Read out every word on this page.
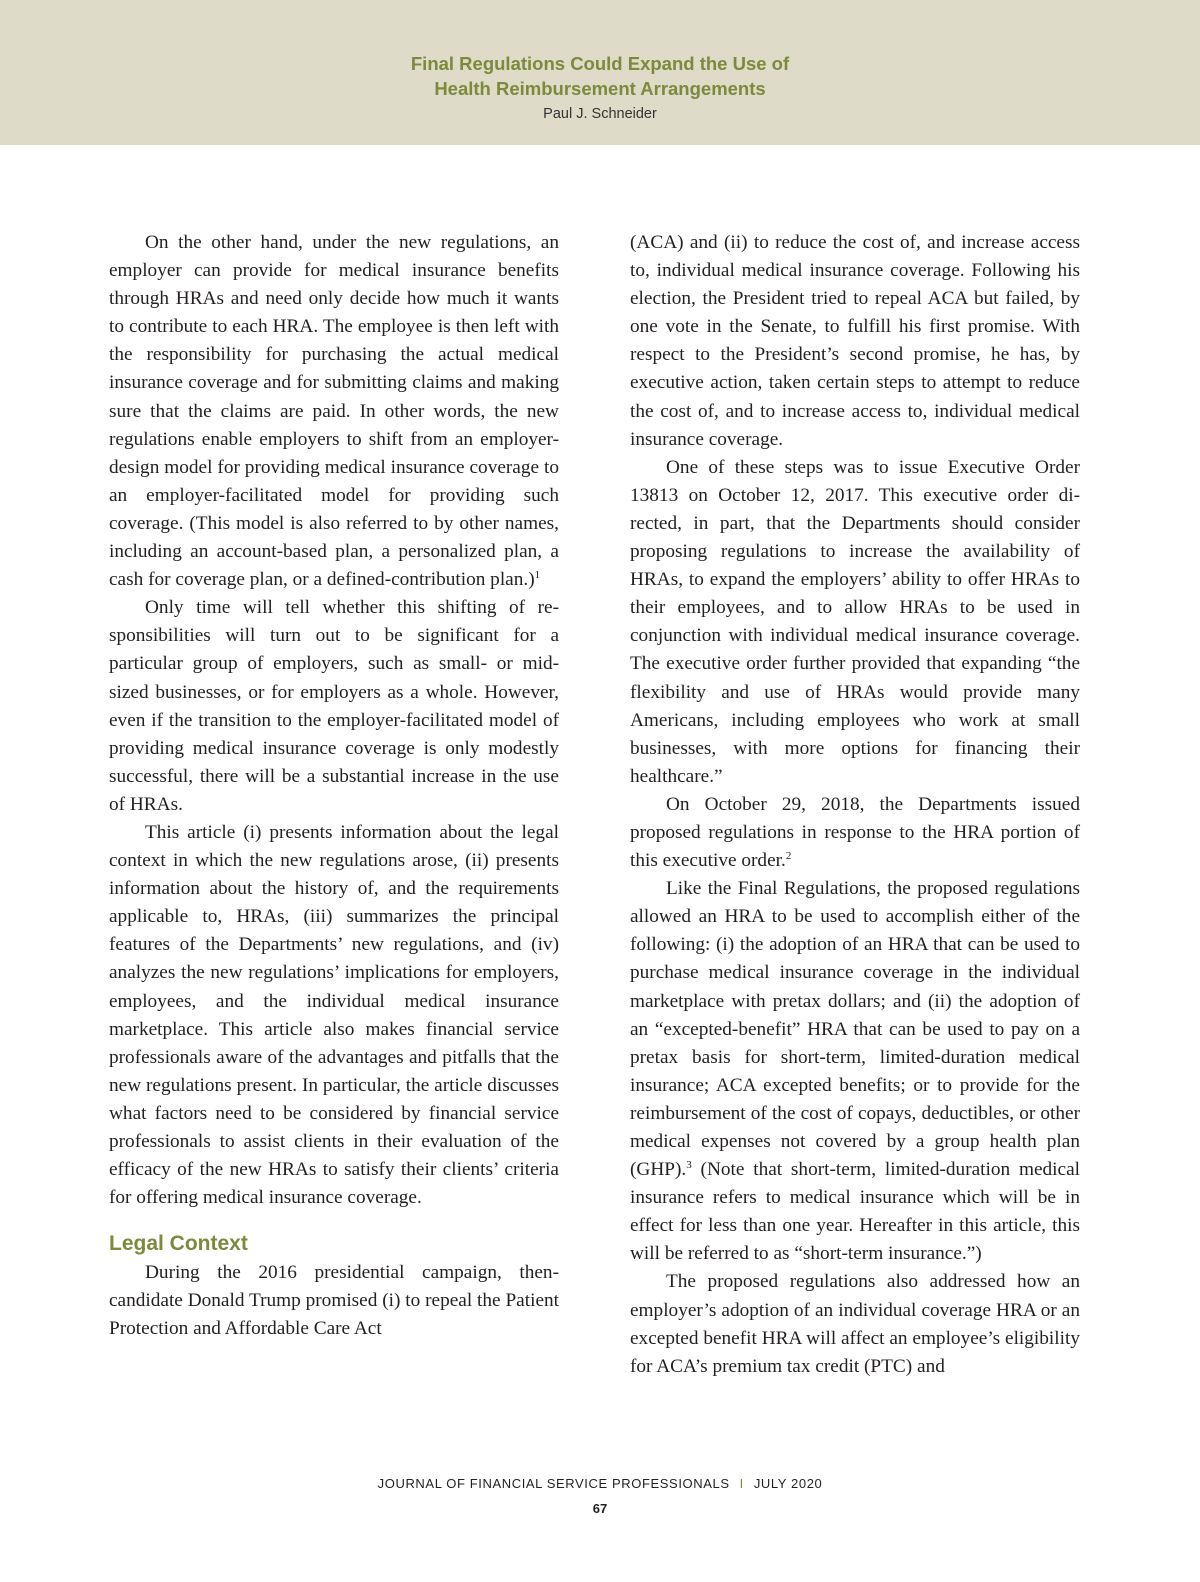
Final Regulations Could Expand the Use of
Health Reimbursement Arrangements

Paul J. Schneider

On the other hand, under the new regulations, an employer can provide for medical insurance benefits through HRAs and need only decide how much it wants to contribute to each HRA. The employee is then left with the responsibility for purchasing the actual medical insurance coverage and for submitting claims and making sure that the claims are paid. In other words, the new regulations enable employers to shift from an employer-design model for providing medical insurance coverage to an employer-facilitated model for providing such coverage. (This model is also referred to by other names, including an account-based plan, a personalized plan, a cash for coverage plan, or a defined-contribution plan.)$^1$

Only time will tell whether this shifting of responsibilities will turn out to be significant for a particular group of employers, such as small- or mid-sized businesses, or for employers as a whole. However, even if the transition to the employer-facilitated model of providing medical insurance coverage is only modestly successful, there will be a substantial increase in the use of HRAs.

This article (i) presents information about the legal context in which the new regulations arose, (ii) presents information about the history of, and the requirements applicable to, HRAs, (iii) summarizes the principal features of the Departments’ new regulations, and (iv) analyzes the new regulations’ implications for employers, employees, and the individual medical insurance marketplace. This article also makes financial service professionals aware of the advantages and pitfalls that the new regulations present. In particular, the article discusses what factors need to be considered by financial service professionals to assist clients in their evaluation of the efficacy of the new HRAs to satisfy their clients’ criteria for offering medical insurance coverage.

Legal Context

During the 2016 presidential campaign, then-candidate Donald Trump promised (i) to repeal the Patient Protection and Affordable Care Act

(ACA) and (ii) to reduce the cost of, and increase access to, individual medical insurance coverage. Following his election, the President tried to repeal ACA but failed, by one vote in the Senate, to fulfill his first promise. With respect to the President’s second promise, he has, by executive action, taken certain steps to attempt to reduce the cost of, and to increase access to, individual medical insurance coverage.

One of these steps was to issue Executive Order 13813 on October 12, 2017. This executive order directed, in part, that the Departments should consider proposing regulations to increase the availability of HRAs, to expand the employers’ ability to offer HRAs to their employees, and to allow HRAs to be used in conjunction with individual medical insurance coverage. The executive order further provided that expanding “the flexibility and use of HRAs would provide many Americans, including employees who work at small businesses, with more options for financing their healthcare.”

On October 29, 2018, the Departments issued proposed regulations in response to the HRA portion of this executive order.$^2$

Like the Final Regulations, the proposed regulations allowed an HRA to be used to accomplish either of the following: (i) the adoption of an HRA that can be used to purchase medical insurance coverage in the individual marketplace with pretax dollars; and (ii) the adoption of an “excepted-benefit” HRA that can be used to pay on a pretax basis for short-term, limited-duration medical insurance; ACA excepted benefits; or to provide for the reimbursement of the cost of copays, deductibles, or other medical expenses not covered by a group health plan (GHP).$^3$ (Note that short-term, limited-duration medical insurance refers to medical insurance which will be in effect for less than one year. Hereafter in this article, this will be referred to as “short-term insurance.”)

The proposed regulations also addressed how an employer’s adoption of an individual coverage HRA or an excepted benefit HRA will affect an employee’s eligibility for ACA’s premium tax credit (PTC) and

JOURNAL OF FINANCIAL SERVICE PROFESSIONALS I JULY 2020
67
